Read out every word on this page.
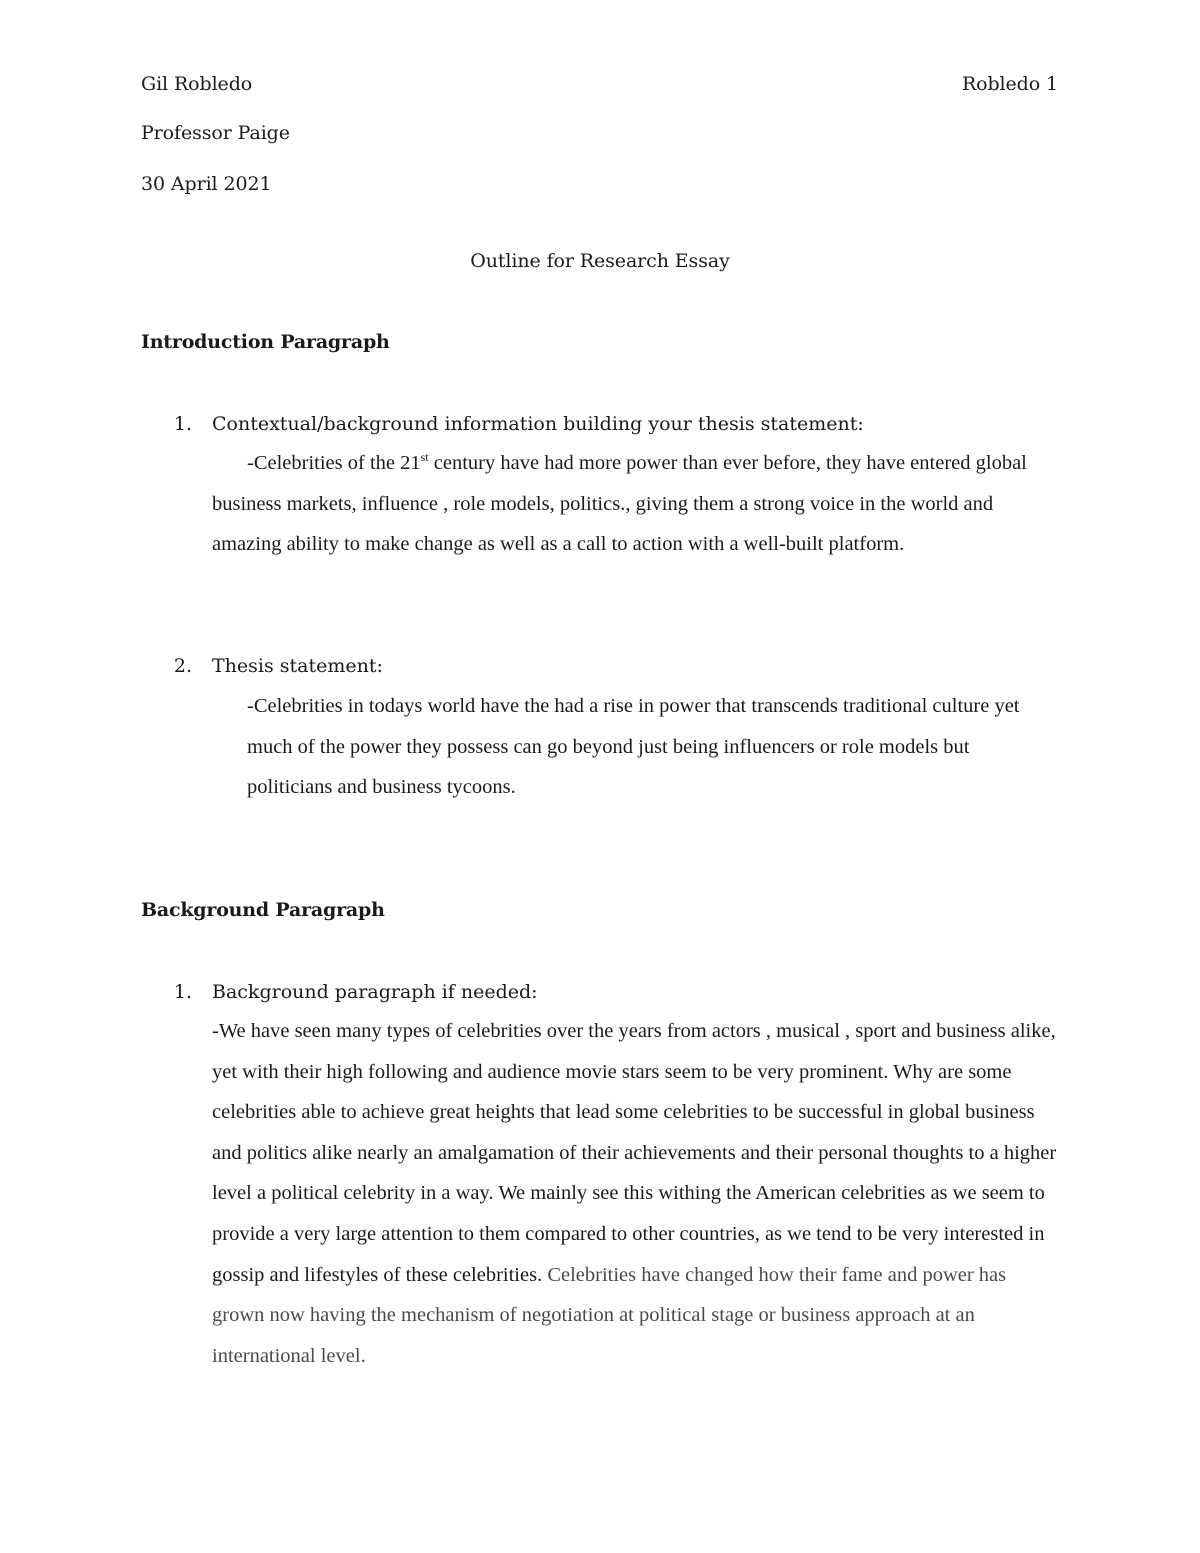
Gil Robledo	Robledo 1
Professor Paige
30 April 2021
Outline for Research Essay
Introduction Paragraph
1. Contextual/background information building your thesis statement:

-Celebrities of the 21st century have had more power than ever before, they have entered global business markets, influence , role models, politics., giving them a strong voice in the world and amazing ability to make change as well as a call to action with a well-built platform.

2. Thesis statement:

-Celebrities in todays world have the had a rise in power that transcends traditional culture yet much of the power they possess can go beyond just being influencers or role models but politicians and business tycoons.

Background Paragraph
1. Background paragraph if needed:

-We have seen many types of celebrities over the years from actors , musical , sport and business alike, yet with their high following and audience movie stars seem to be very prominent. Why are some celebrities able to achieve great heights that lead some celebrities to be successful in global business and politics alike nearly an amalgamation of their achievements and their personal thoughts to a higher level a political celebrity in a way. We mainly see this withing the American celebrities as we seem to provide a very large attention to them compared to other countries, as we tend to be very interested in gossip and lifestyles of these celebrities. Celebrities have changed how their fame and power has grown now having the mechanism of negotiation at political stage or business approach at an international level.
